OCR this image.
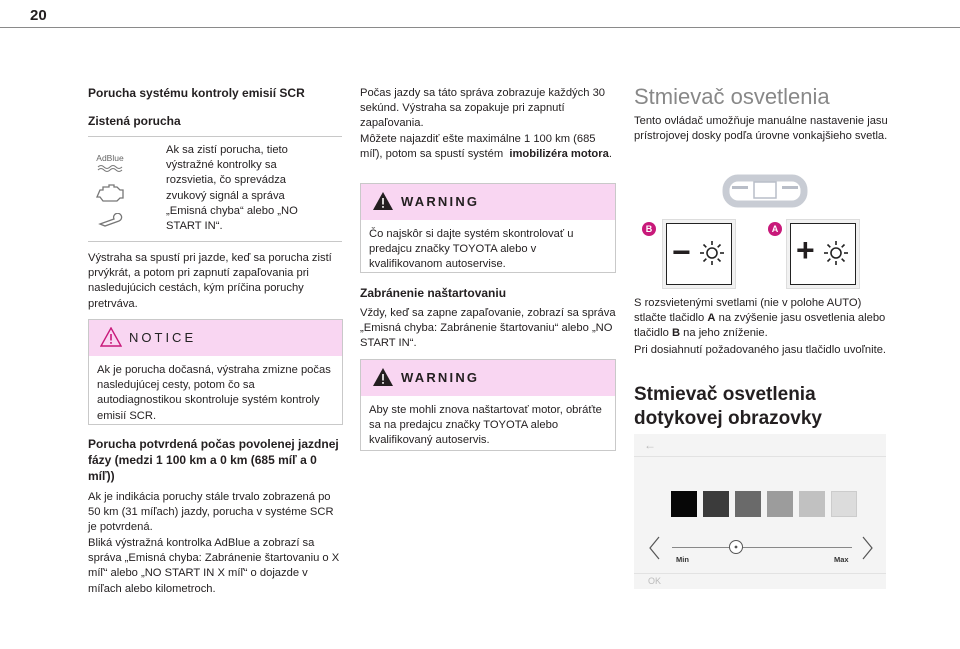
20
Porucha systému kontroly emisií SCR
Zistená porucha
AdBlue
Ak sa zistí porucha, tieto výstražné kontrolky sa rozsvietia, čo sprevádza zvukový signál a správa „Emisná chyba“ alebo „NO START IN“.
Výstraha sa spustí pri jazde, keď sa porucha zistí prvýkrát, a potom pri zapnutí zapaľovania pri nasledujúcich cestách, kým príčina poruchy pretrváva.
NOTICE
Ak je porucha dočasná, výstraha zmizne počas nasledujúcej cesty, potom čo sa autodiagnostikou skontroluje systém kontroly emisií SCR.
Porucha potvrdená počas povolenej jazdnej fázy (medzi 1 100 km a 0 km (685 míľ a 0 míľ))
Ak je indikácia poruchy stále trvalo zobrazená po 50 km (31 míľach) jazdy, porucha v systéme SCR je potvrdená.
Bliká výstražná kontrolka AdBlue a zobrazí sa správa „Emisná chyba: Zabránenie štartovaniu o X míľ“ alebo „NO START IN X míľ“ o dojazde v míľach alebo kilometroch.
Počas jazdy sa táto správa zobrazuje každých 30 sekúnd. Výstraha sa zopakuje pri zapnutí zapaľovania.
Môžete najazdiť ešte maximálne 1 100 km (685 míľ), potom sa spustí systém imobilizéra motora.
WARNING
Čo najskôr si dajte systém skontrolovať u predajcu značky TOYOTA alebo v kvalifikovanom autoservise.
Zabránenie naštartovaniu
Vždy, keď sa zapne zapaľovanie, zobrazí sa správa „Emisná chyba: Zabránenie štartovaniu“ alebo „NO START IN“.
WARNING
Aby ste mohli znova naštartovať motor, obráťte sa na predajcu značky TOYOTA alebo kvalifikovaný autoservis.
Stmievač osvetlenia
Tento ovládač umožňuje manuálne nastavenie jasu prístrojovej dosky podľa úrovne vonkajšieho svetla.
B	A
−	+
S rozsvietenými svetlami (nie v polohe AUTO) stlačte tlačidlo A na zvýšenie jasu osvetlenia alebo tlačidlo B na jeho zníženie.
Pri dosiahnutí požadovaného jasu tlačidlo uvoľnite.
Stmievač osvetlenia dotykovej obrazovky
←
Min	Max
OK
